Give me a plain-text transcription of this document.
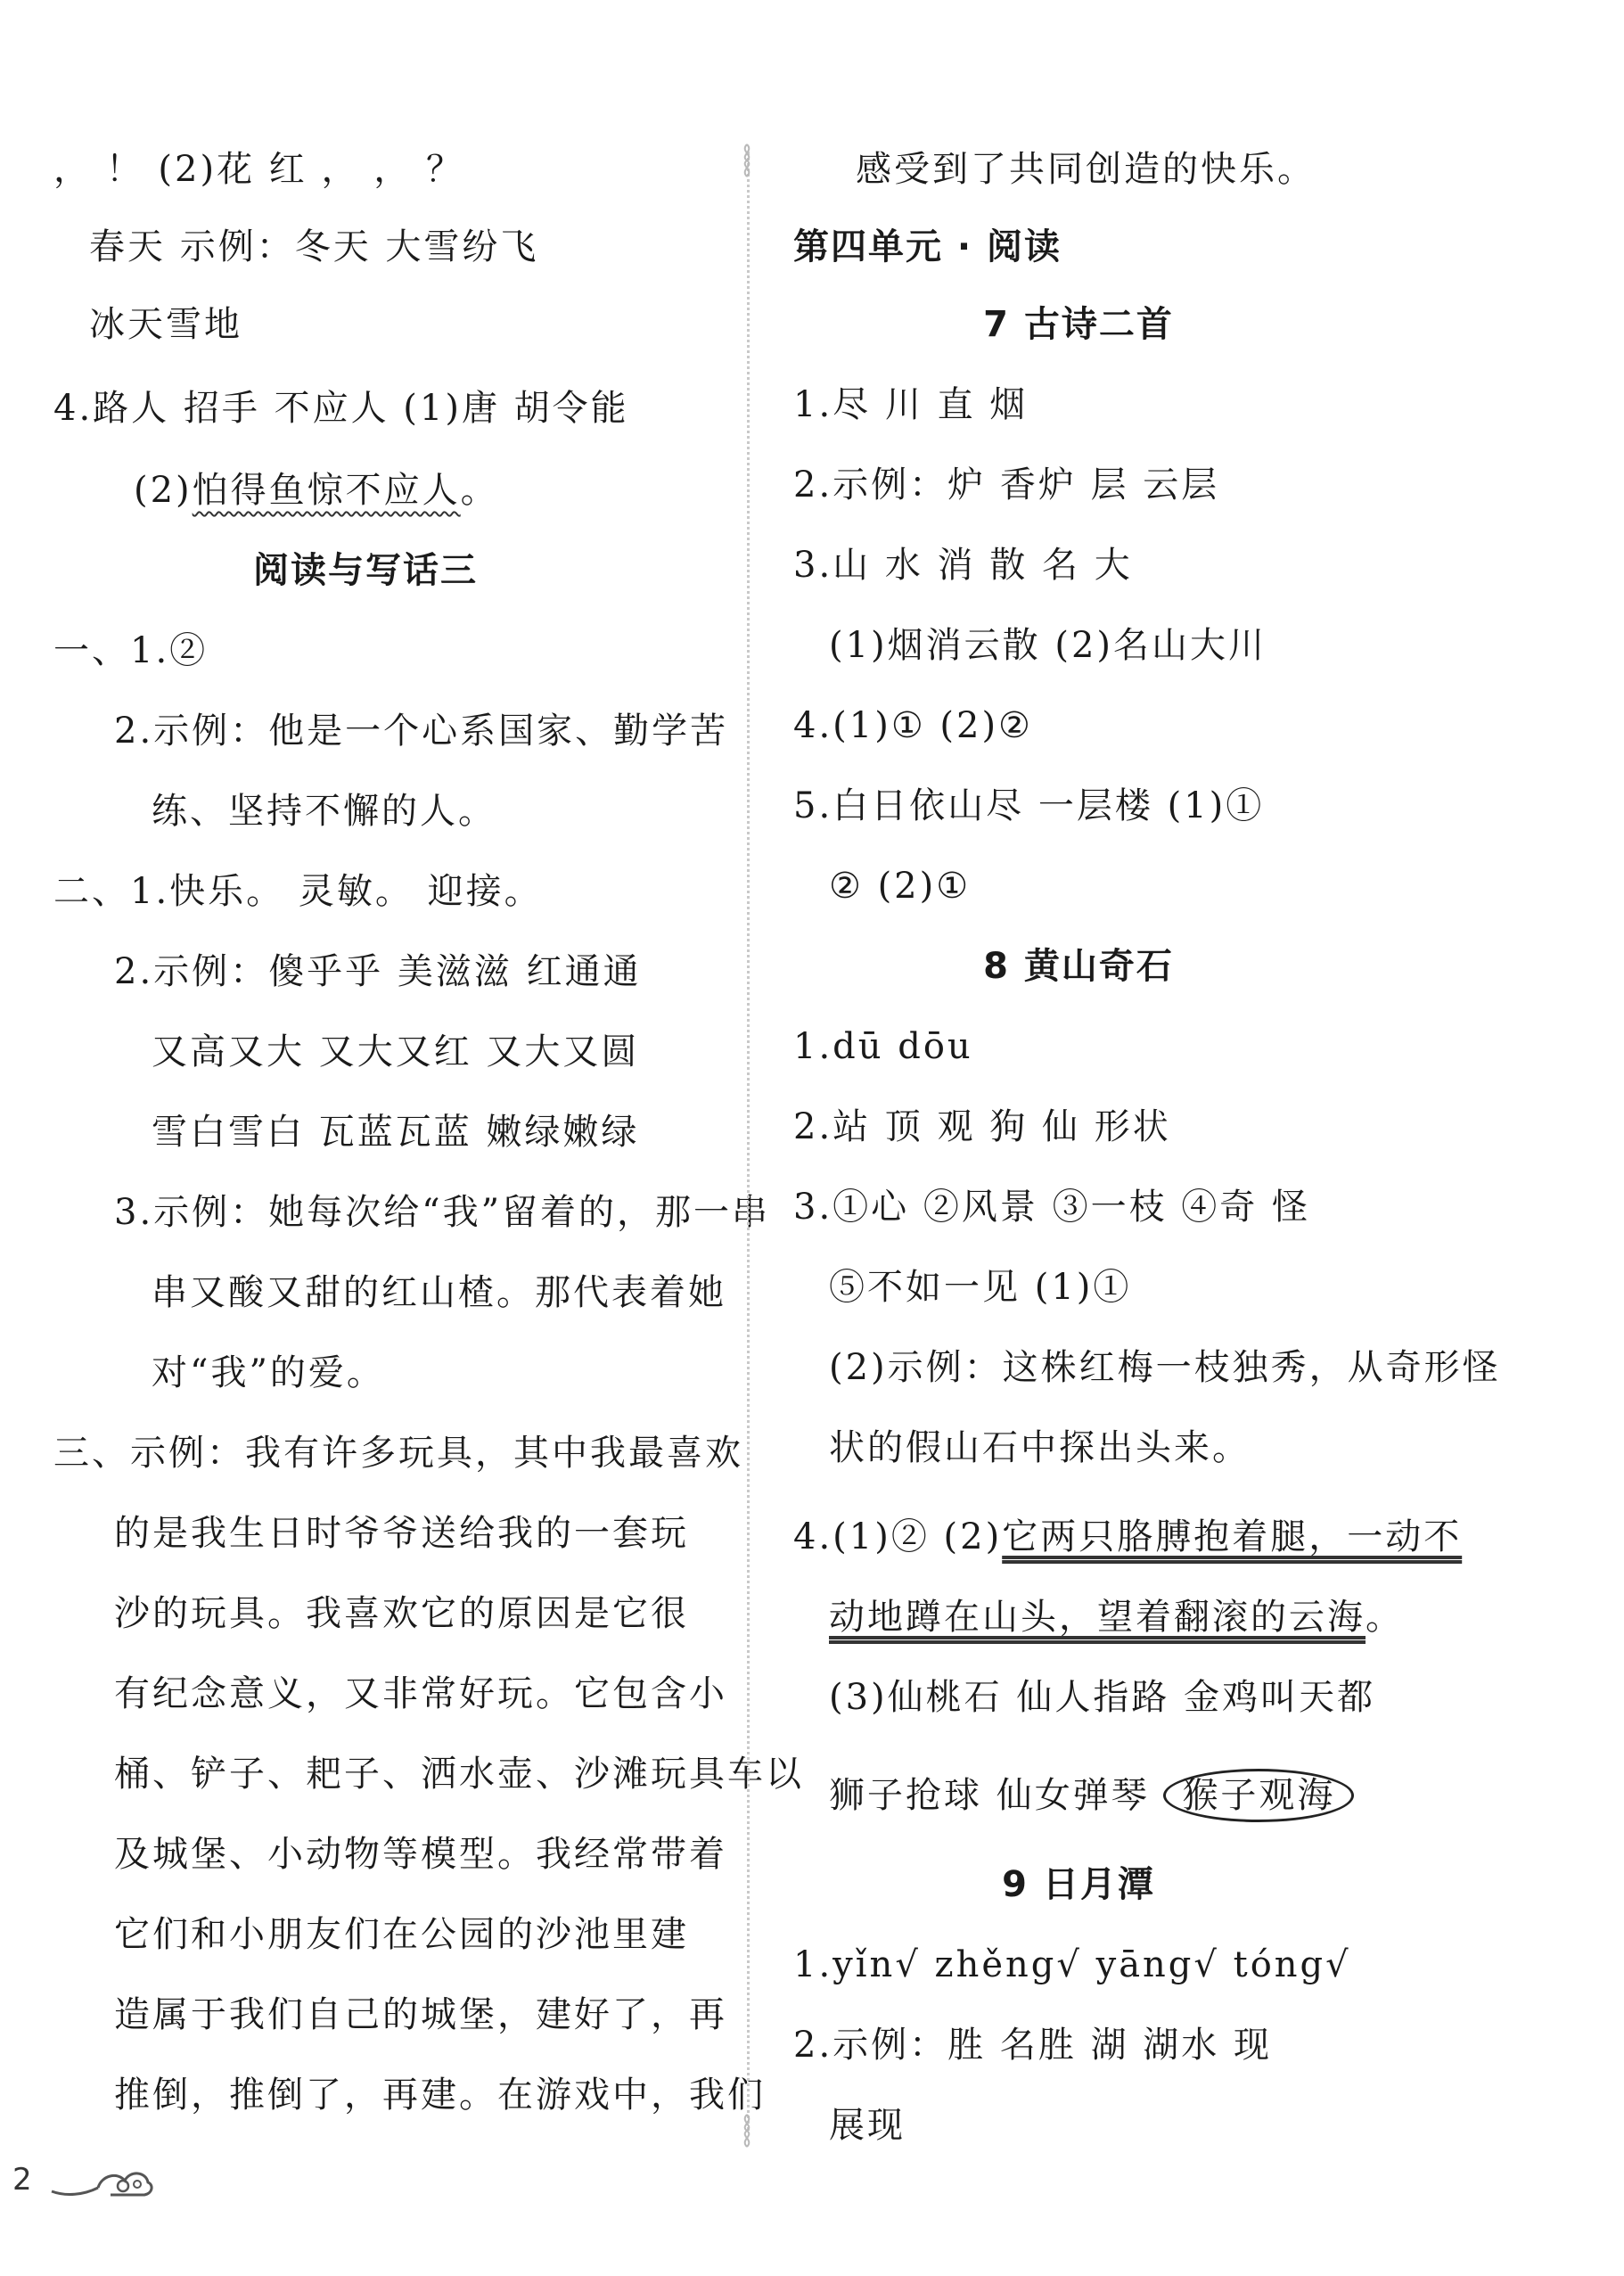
， ！ (2)花 红 ， ， ？
春天 示例：冬天 大雪纷飞
冰天雪地
4.路人 招手 不应人 (1)唐 胡令能
(2)怕得鱼惊不应人。
阅读与写话三
一、1.②
2.示例：他是一个心系国家、勤学苦
练、坚持不懈的人。
二、1.快乐。 灵敏。 迎接。
2.示例：傻乎乎 美滋滋 红通通
又高又大 又大又红 又大又圆
雪白雪白 瓦蓝瓦蓝 嫩绿嫩绿
3.示例：她每次给“我”留着的，那一串
串又酸又甜的红山楂。那代表着她
对“我”的爱。
三、示例：我有许多玩具，其中我最喜欢
的是我生日时爷爷送给我的一套玩
沙的玩具。我喜欢它的原因是它很
有纪念意义，又非常好玩。它包含小
桶、铲子、耙子、洒水壶、沙滩玩具车以
及城堡、小动物等模型。我经常带着
它们和小朋友们在公园的沙池里建
造属于我们自己的城堡，建好了，再
推倒，推倒了，再建。在游戏中，我们
感受到了共同创造的快乐。
第四单元 · 阅读
7 古诗二首
1.尽 川 直 烟
2.示例：炉 香炉 层 云层
3.山 水 消 散 名 大
(1)烟消云散 (2)名山大川
4.(1)① (2)②
5.白日依山尽 一层楼 (1)①
② (2)①
8 黄山奇石
1.dū dōu
2.站 顶 观 狗 仙 形状
3.①心 ②风景 ③一枝 ④奇 怪
⑤不如一见 (1)①
(2)示例：这株红梅一枝独秀，从奇形怪
状的假山石中探出头来。
4.(1)② (2)它两只胳膊抱着腿，一动不
动地蹲在山头，望着翻滚的云海。
(3)仙桃石 仙人指路 金鸡叫天都
狮子抢球 仙女弹琴 猴子观海
9 日月潭
1.yǐn√ zhěng√ yāng√ tóng√
2.示例：胜 名胜 湖 湖水 现
展现
2
